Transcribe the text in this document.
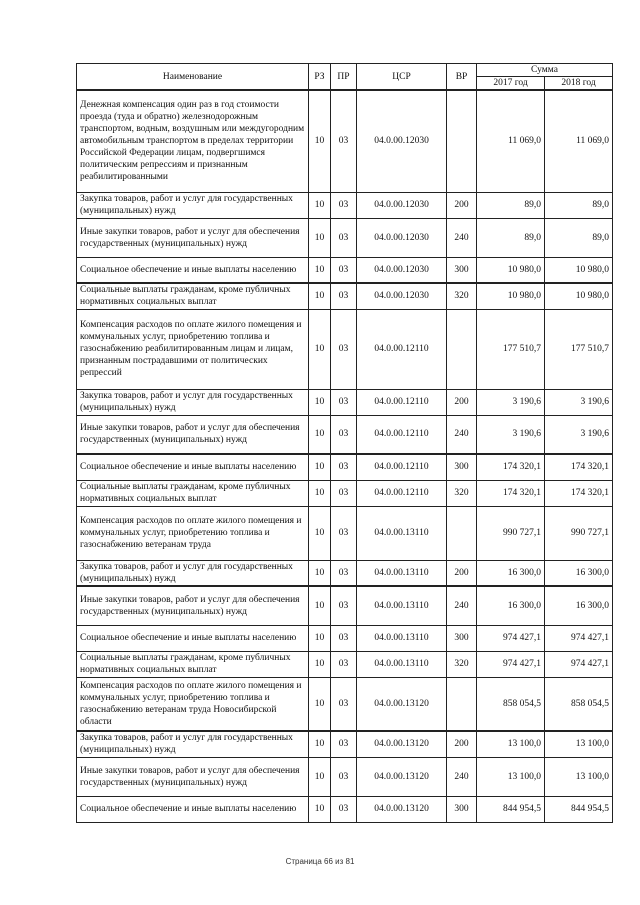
Наименование	РЗ	ПР	ЦСР	ВР	Сумма	
					2017 год	2018 год
Денежная компенсация один раз в год стоимости проезда (туда и обратно) железнодорожным транспортом, водным, воздушным или междугородним автомобильным транспортом в пределах территории Российской Федерации лицам, подвергшимся политическим репрессиям и признанным реабилитированными	10	03	04.0.00.12030		11 069,0	11 069,0
Закупка товаров, работ и услуг для государственных (муниципальных) нужд	10	03	04.0.00.12030	200	89,0	89,0
Иные закупки товаров, работ и услуг для обеспечения государственных (муниципальных) нужд	10	03	04.0.00.12030	240	89,0	89,0
Социальное обеспечение и иные выплаты населению	10	03	04.0.00.12030	300	10 980,0	10 980,0
Социальные выплаты гражданам, кроме публичных нормативных социальных выплат	10	03	04.0.00.12030	320	10 980,0	10 980,0
Компенсация расходов по оплате жилого помещения и коммунальных услуг, приобретению топлива и газоснабжению реабилитированным лицам и лицам, признанным пострадавшими от политических репрессий	10	03	04.0.00.12110		177 510,7	177 510,7
Закупка товаров, работ и услуг для государственных (муниципальных) нужд	10	03	04.0.00.12110	200	3 190,6	3 190,6
Иные закупки товаров, работ и услуг для обеспечения государственных (муниципальных) нужд	10	03	04.0.00.12110	240	3 190,6	3 190,6
Социальное обеспечение и иные выплаты населению	10	03	04.0.00.12110	300	174 320,1	174 320,1
Социальные выплаты гражданам, кроме публичных нормативных социальных выплат	10	03	04.0.00.12110	320	174 320,1	174 320,1
Компенсация расходов по оплате жилого помещения и коммунальных услуг, приобретению топлива и газоснабжению ветеранам труда	10	03	04.0.00.13110		990 727,1	990 727,1
Закупка товаров, работ и услуг для государственных (муниципальных) нужд	10	03	04.0.00.13110	200	16 300,0	16 300,0
Иные закупки товаров, работ и услуг для обеспечения государственных (муниципальных) нужд	10	03	04.0.00.13110	240	16 300,0	16 300,0
Социальное обеспечение и иные выплаты населению	10	03	04.0.00.13110	300	974 427,1	974 427,1
Социальные выплаты гражданам, кроме публичных нормативных социальных выплат	10	03	04.0.00.13110	320	974 427,1	974 427,1
Компенсация расходов по оплате жилого помещения и коммунальных услуг, приобретению топлива и газоснабжению ветеранам труда Новосибирской области	10	03	04.0.00.13120		858 054,5	858 054,5
Закупка товаров, работ и услуг для государственных (муниципальных) нужд	10	03	04.0.00.13120	200	13 100,0	13 100,0
Иные закупки товаров, работ и услуг для обеспечения государственных (муниципальных) нужд	10	03	04.0.00.13120	240	13 100,0	13 100,0
Социальное обеспечение и иные выплаты населению	10	03	04.0.00.13120	300	844 954,5	844 954,5
Страница 66 из 81
